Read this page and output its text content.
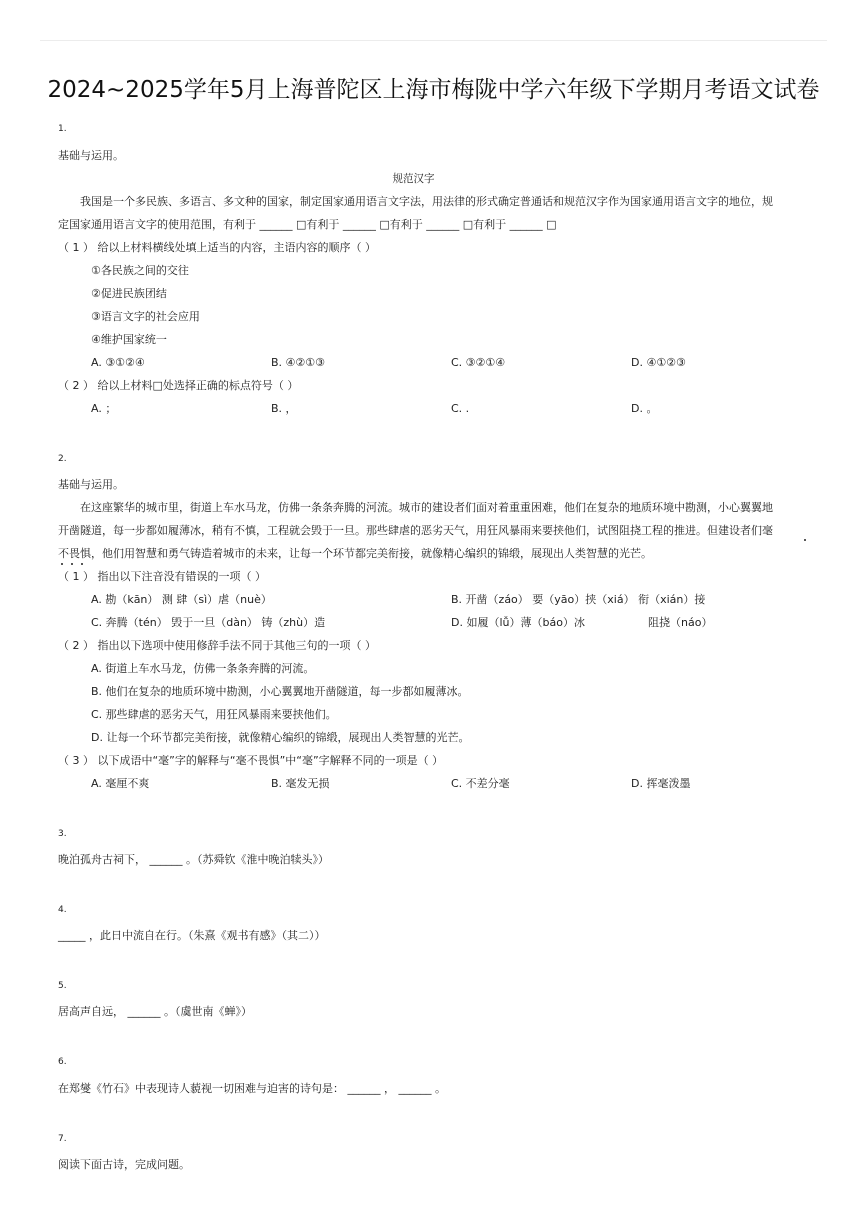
2024~2025学年5月上海普陀区上海市梅陇中学六年级下学期月考语文试卷
1.
基础与运用。
规范汉字
我国是一个多民族、多语言、多文种的国家，制定国家通用语言文字法，用法律的形式确定普通话和规范汉字作为国家通用语言文字的地位，规
定国家通用语言文字的使用范围，有利于 ______ □有利于 ______ □有利于 ______ □有利于 ______ □
（ 1 ） 给以上材料横线处填上适当的内容，主语内容的顺序（ ）
①各民族之间的交往
②促进民族团结
③语言文字的社会应用
④维护国家统一
A. ③①②④	B. ④②①③	C. ③②①④	D. ④①②③
（ 2 ） 给以上材料□处选择正确的标点符号（ ）
A. ；	B. ，	C. .	D. 。
2.
基础与运用。
在这座繁华的城市里，街道上车水马龙，仿佛一条条奔腾的河流。城市的建设者们面对着重重困难，他们在复杂的地质环境中勘测，小心翼翼地
开凿隧道，每一步都如履薄冰，稍有不慎，工程就会毁于一旦。那些肆虐的恶劣天气，用狂风暴雨来要挟他们，试图阻挠工程的推进。但建设者们毫
不畏惧，他们用智慧和勇气铸造着城市的未来，让每一个环节都完美衔接，就像精心编织的锦缎，展现出人类智慧的光芒。
（ 1 ） 指出以下注音没有错误的一项（ ）
A. 勘（kān） 测 肆（sì）虐（nuè）	B. 开凿（záo） 要（yāo）挟（xiá） 衔（xián）接
C. 奔腾（tén） 毁于一旦（dàn） 铸（zhù）造	D. 如履（lǚ）薄（báo）冰	阻挠（náo）
（ 2 ） 指出以下选项中使用修辞手法不同于其他三句的一项（ ）
A. 街道上车水马龙，仿佛一条条奔腾的河流。
B. 他们在复杂的地质环境中勘测，小心翼翼地开凿隧道，每一步都如履薄冰。
C. 那些肆虐的恶劣天气，用狂风暴雨来要挟他们。
D. 让每一个环节都完美衔接，就像精心编织的锦缎，展现出人类智慧的光芒。
（ 3 ） 以下成语中“毫”字的解释与“毫不畏惧”中“毫”字解释不同的一项是（ ）
A. 毫厘不爽	B. 毫发无损	C. 不差分毫	D. 挥毫泼墨
3.
晚泊孤舟古祠下， ______ 。（苏舜钦《淮中晚泊犊头》）
4.
_____ ，此日中流自在行。（朱熹《观书有感》（其二））
5.
居高声自远， ______ 。（虞世南《蝉》）
6.
在郑燮《竹石》中表现诗人藐视一切困难与迫害的诗句是： ______ ， ______ 。
7.
阅读下面古诗，完成问题。
